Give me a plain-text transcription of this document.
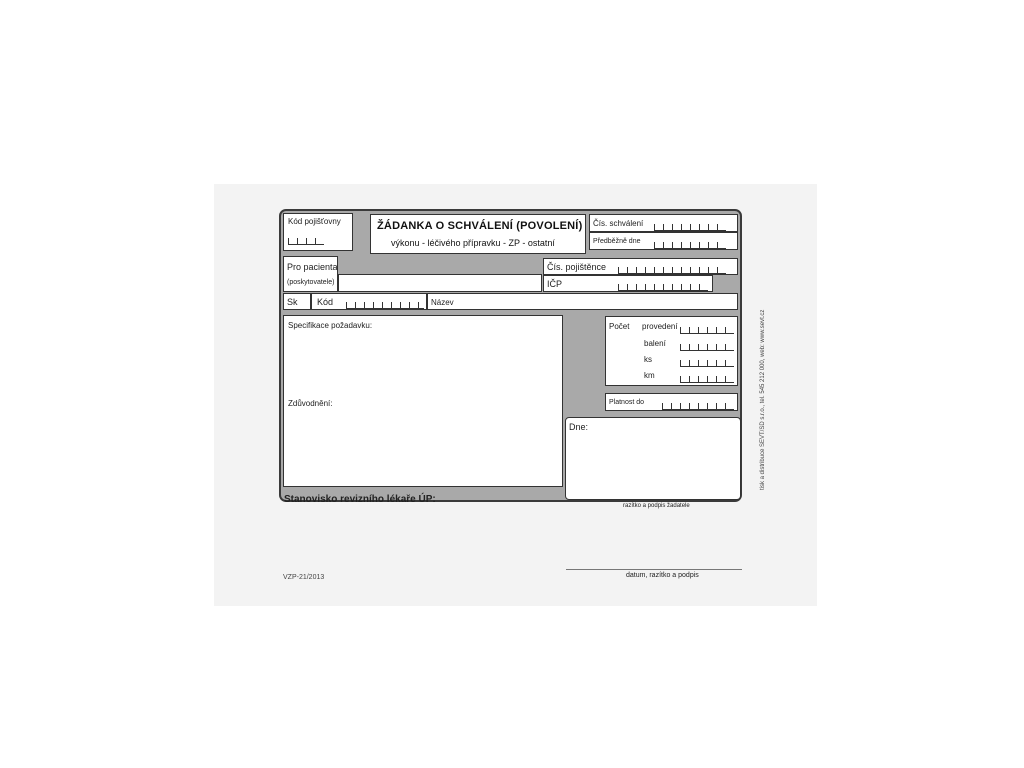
Kód pojišťovny	ŽÁDANKA O SCHVÁLENÍ (POVOLENÍ)
výkonu - léčivého přípravku - ZP - ostatní
Čís. schválení
Předběžně dne
Pro pacienta
(poskytovatele)
Čís. pojištěnce
IČP
Sk Kód	Název
Specifikace požadavku:
Zdůvodnění:
Počet provedení
balení
ks
km
Platnost do
Dne:
razítko a podpis žadatele
Stanovisko revizního lékaře ÚP:
datum, razítko a podpis
VZP-21/2013
tisk a distribuce SEVT/SD s.r.o., tel. 545 212 000, web: www.sevt.cz
